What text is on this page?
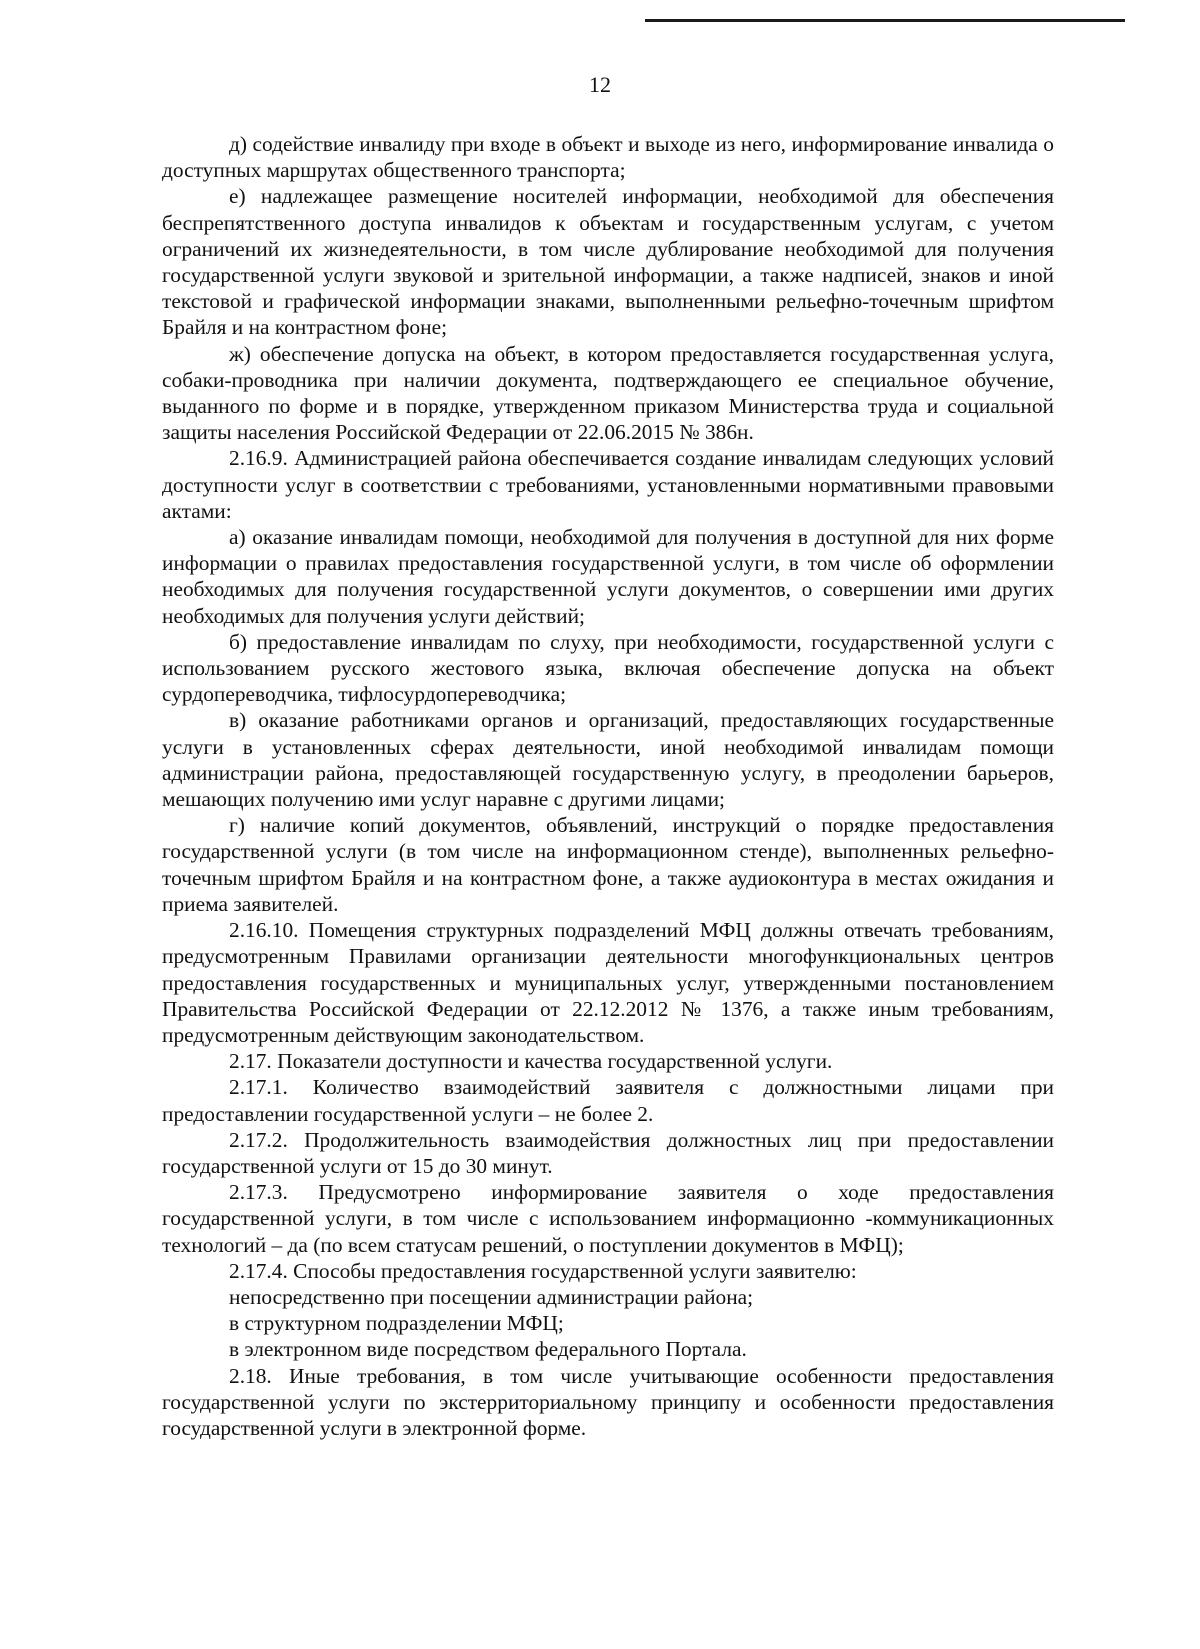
12

д) содействие инвалиду при входе в объект и выходе из него, информирование инвалида о доступных маршрутах общественного транспорта;

е) надлежащее размещение носителей информации, необходимой для обеспечения беспрепятственного доступа инвалидов к объектам и государственным услугам, с учетом ограничений их жизнедеятельности, в том числе дублирование необходимой для получения государственной услуги звуковой и зрительной информации, а также надписей, знаков и иной текстовой и графической информации знаками, выполненными рельефно-точечным шрифтом Брайля и на контрастном фоне;

ж) обеспечение допуска на объект, в котором предоставляется государственная услуга, собаки-проводника при наличии документа, подтверждающего ее специальное обучение, выданного по форме и в порядке, утвержденном приказом Министерства труда и социальной защиты населения Российской Федерации от 22.06.2015 № 386н.

2.16.9. Администрацией района обеспечивается создание инвалидам следующих условий доступности услуг в соответствии с требованиями, установленными нормативными правовыми актами:

а) оказание инвалидам помощи, необходимой для получения в доступной для них форме информации о правилах предоставления государственной услуги, в том числе об оформлении необходимых для получения государственной услуги документов, о совершении ими других необходимых для получения услуги действий;

б) предоставление инвалидам по слуху, при необходимости, государственной услуги с использованием русского жестового языка, включая обеспечение допуска на объект сурдопереводчика, тифлосурдопереводчика;

в) оказание работниками органов и организаций, предоставляющих государственные услуги в установленных сферах деятельности, иной необходимой инвалидам помощи администрации района, предоставляющей государственную услугу, в преодолении барьеров, мешающих получению ими услуг наравне с другими лицами;

г) наличие копий документов, объявлений, инструкций о порядке предоставления государственной услуги (в том числе на информационном стенде), выполненных рельефно-точечным шрифтом Брайля и на контрастном фоне, а также аудиоконтура в местах ожидания и приема заявителей.

2.16.10. Помещения структурных подразделений МФЦ должны отвечать требованиям, предусмотренным Правилами организации деятельности многофункциональных центров предоставления государственных и муниципальных услуг, утвержденными постановлением Правительства Российской Федерации от 22.12.2012 № 1376, а также иным требованиям, предусмотренным действующим законодательством.

2.17. Показатели доступности и качества государственной услуги.

2.17.1. Количество взаимодействий заявителя с должностными лицами при предоставлении государственной услуги – не более 2.

2.17.2. Продолжительность взаимодействия должностных лиц при предоставлении государственной услуги от 15 до 30 минут.

2.17.3. Предусмотрено информирование заявителя о ходе предоставления государственной услуги, в том числе с использованием информационно -коммуникационных технологий – да (по всем статусам решений, о поступлении документов в МФЦ);

2.17.4. Способы предоставления государственной услуги заявителю:

непосредственно при посещении администрации района;

в структурном подразделении МФЦ;

в электронном виде посредством федерального Портала.

2.18. Иные требования, в том числе учитывающие особенности предоставления государственной услуги по экстерриториальному принципу и особенности предоставления государственной услуги в электронной форме.
